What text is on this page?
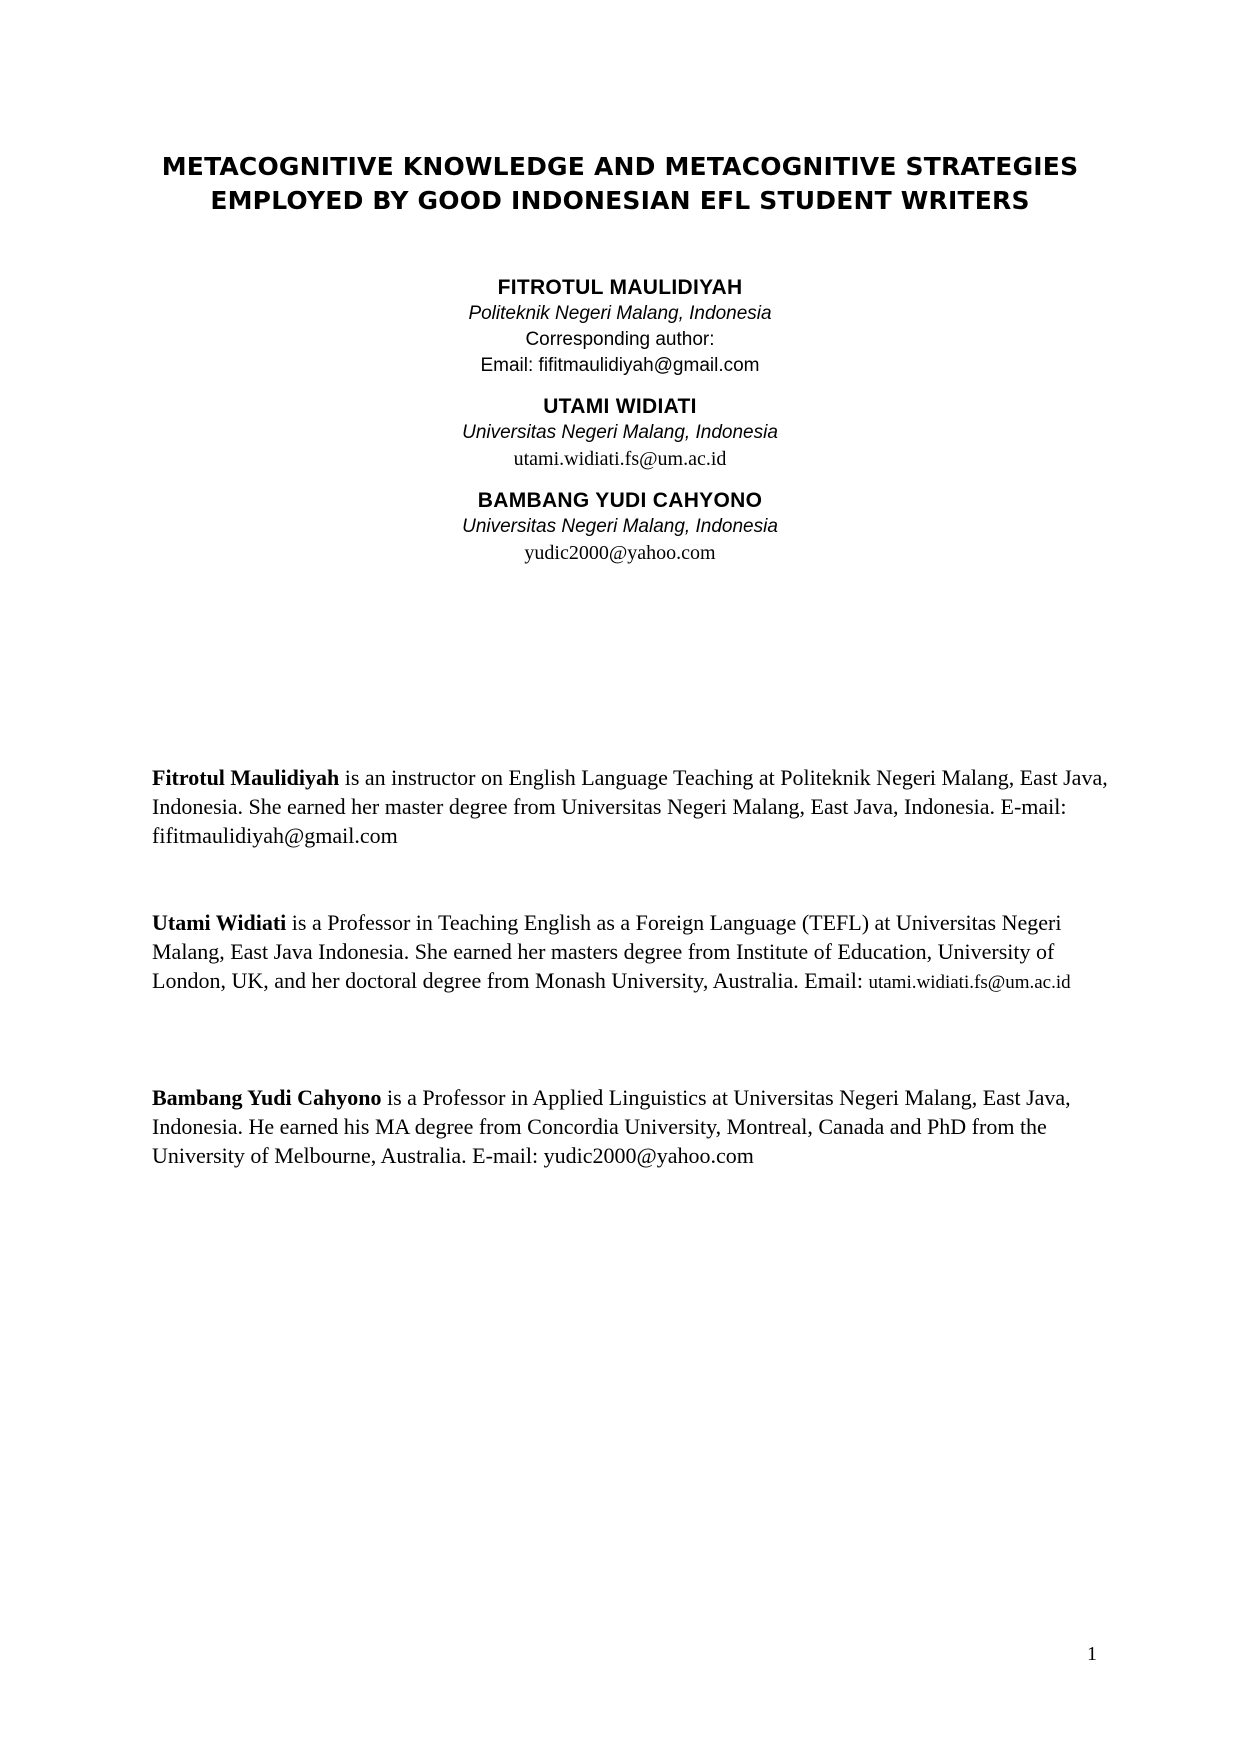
METACOGNITIVE KNOWLEDGE AND METACOGNITIVE STRATEGIES
EMPLOYED BY GOOD INDONESIAN EFL STUDENT WRITERS
FITROTUL MAULIDIYAH
Politeknik Negeri Malang, Indonesia
Corresponding author:
Email: fifitmaulidiyah@gmail.com
UTAMI WIDIATI
Universitas Negeri Malang, Indonesia
utami.widiati.fs@um.ac.id
BAMBANG YUDI CAHYONO
Universitas Negeri Malang, Indonesia
yudic2000@yahoo.com

Fitrotul Maulidiyah is an instructor on English Language Teaching at Politeknik Negeri Malang, East Java, Indonesia. She earned her master degree from Universitas Negeri Malang, East Java, Indonesia. E-mail: fifitmaulidiyah@gmail.com

Utami Widiati is a Professor in Teaching English as a Foreign Language (TEFL) at Universitas Negeri Malang, East Java Indonesia. She earned her masters degree from Institute of Education, University of London, UK, and her doctoral degree from Monash University, Australia. Email: utami.widiati.fs@um.ac.id

Bambang Yudi Cahyono is a Professor in Applied Linguistics at Universitas Negeri Malang, East Java, Indonesia. He earned his MA degree from Concordia University, Montreal, Canada and PhD from the University of Melbourne, Australia. E-mail: yudic2000@yahoo.com

1
